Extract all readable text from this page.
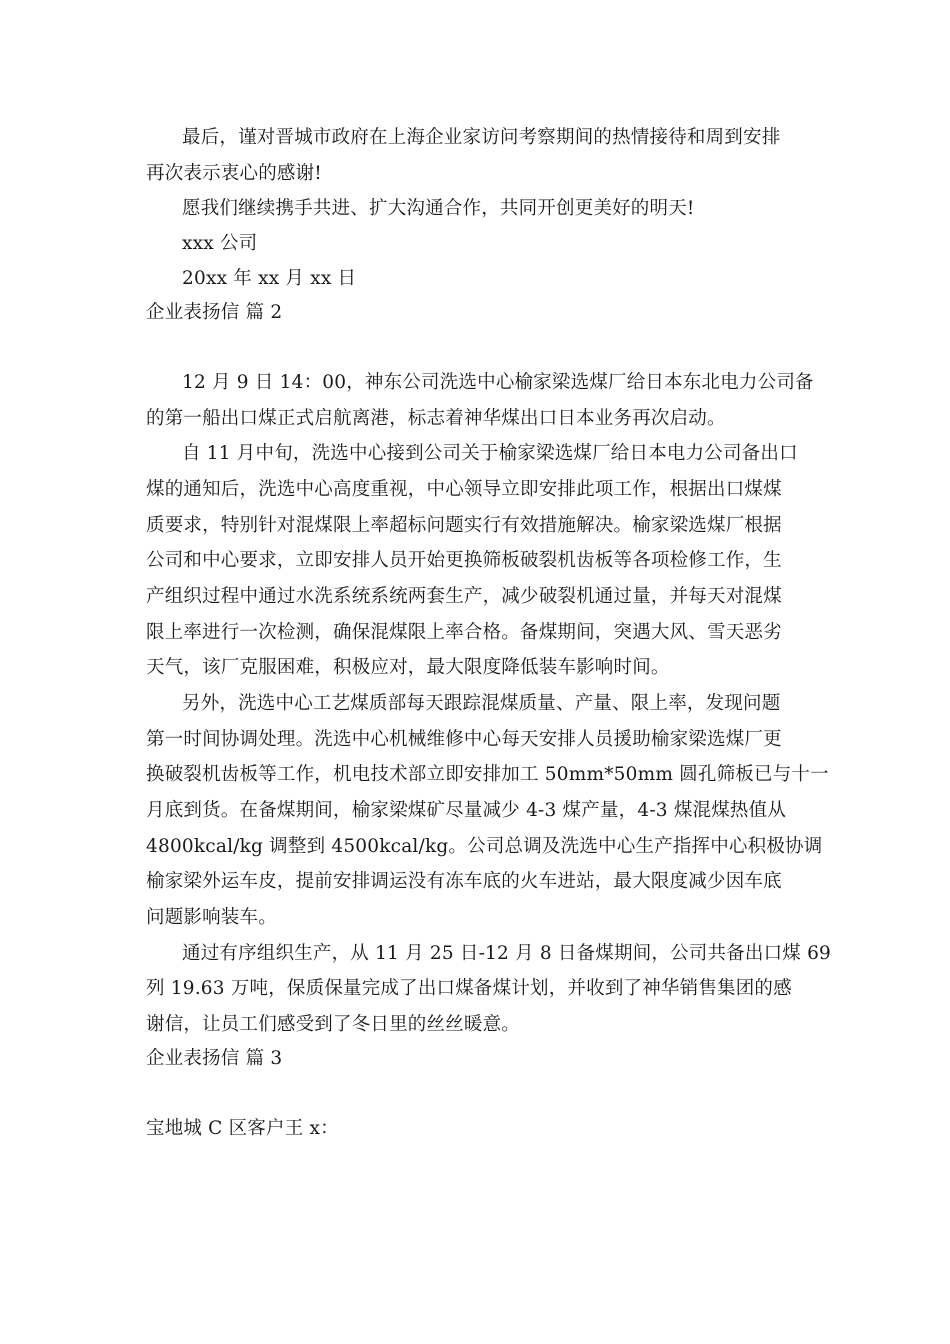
最后，谨对晋城市政府在上海企业家访问考察期间的热情接待和周到安排
再次表示衷心的感谢!
愿我们继续携手共进、扩大沟通合作，共同开创更美好的明天!
xxx 公司
20xx 年 xx 月 xx 日
企业表扬信 篇 2
12 月 9 日 14：00，神东公司洗选中心榆家梁选煤厂给日本东北电力公司备
的第一船出口煤正式启航离港，标志着神华煤出口日本业务再次启动。
自 11 月中旬，洗选中心接到公司关于榆家梁选煤厂给日本电力公司备出口
煤的通知后，洗选中心高度重视，中心领导立即安排此项工作，根据出口煤煤
质要求，特别针对混煤限上率超标问题实行有效措施解决。榆家梁选煤厂根据
公司和中心要求，立即安排人员开始更换筛板破裂机齿板等各项检修工作，生
产组织过程中通过水洗系统系统两套生产，减少破裂机通过量，并每天对混煤
限上率进行一次检测，确保混煤限上率合格。备煤期间，突遇大风、雪天恶劣
天气，该厂克服困难，积极应对，最大限度降低装车影响时间。
另外，洗选中心工艺煤质部每天跟踪混煤质量、产量、限上率，发现问题
第一时间协调处理。洗选中心机械维修中心每天安排人员援助榆家梁选煤厂更
换破裂机齿板等工作，机电技术部立即安排加工 50mm*50mm 圆孔筛板已与十一
月底到货。在备煤期间，榆家梁煤矿尽量减少 4-3 煤产量，4-3 煤混煤热值从
4800kcal/kg 调整到 4500kcal/kg。公司总调及洗选中心生产指挥中心积极协调
榆家梁外运车皮，提前安排调运没有冻车底的火车进站，最大限度减少因车底
问题影响装车。
通过有序组织生产，从 11 月 25 日-12 月 8 日备煤期间，公司共备出口煤 69
列 19.63 万吨，保质保量完成了出口煤备煤计划，并收到了神华销售集团的感
谢信，让员工们感受到了冬日里的丝丝暖意。
企业表扬信 篇 3
宝地城 C 区客户王 x：
